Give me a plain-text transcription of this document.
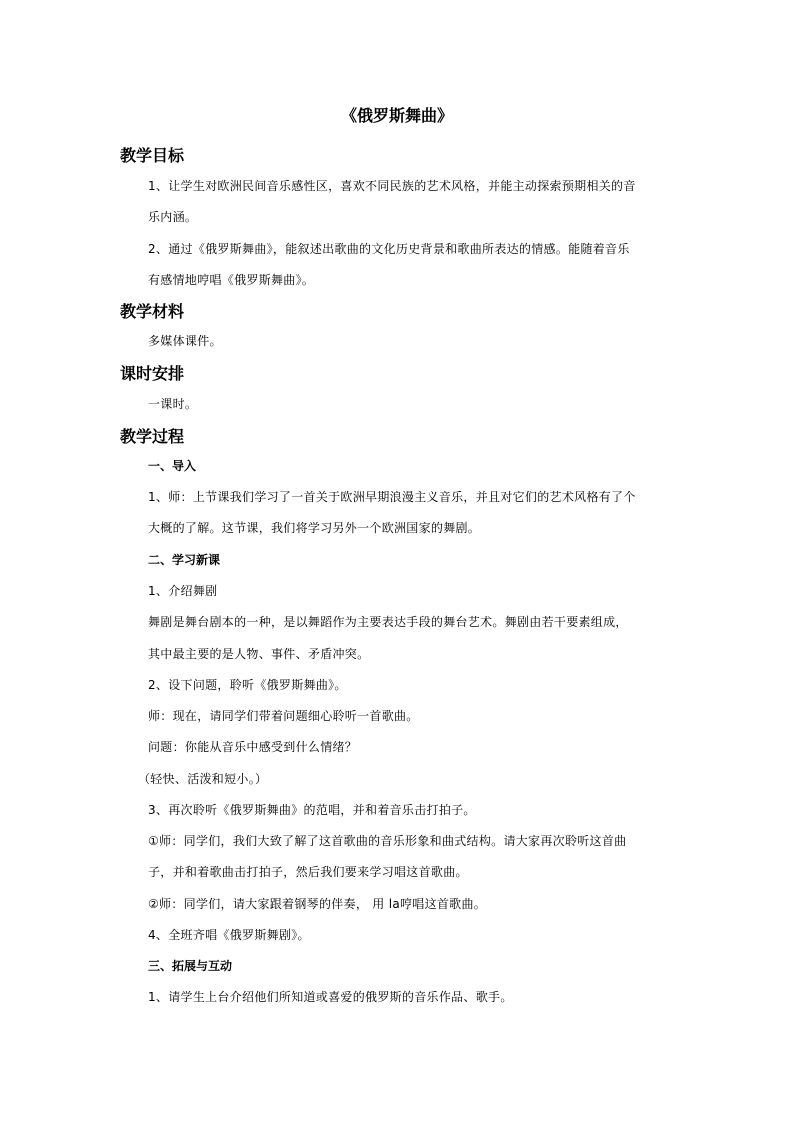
《俄罗斯舞曲》
教学目标
1、让学生对欧洲民间音乐感性区，喜欢不同民族的艺术风格，并能主动探索预期相关的音
乐内涵。
2、通过《俄罗斯舞曲》，能叙述出歌曲的文化历史背景和歌曲所表达的情感。能随着音乐
有感情地哼唱《俄罗斯舞曲》。
教学材料
多媒体课件。
课时安排
一课时。
教学过程
一、导入
1、师：上节课我们学习了一首关于欧洲早期浪漫主义音乐，并且对它们的艺术风格有了个
大概的了解。这节课，我们将学习另外一个欧洲国家的舞剧。
二、学习新课
1、介绍舞剧
舞剧是舞台剧本的一种，是以舞蹈作为主要表达手段的舞台艺术。舞剧由若干要素组成，
其中最主要的是人物、事件、矛盾冲突。
2、设下问题，聆听《俄罗斯舞曲》。
师：现在，请同学们带着问题细心聆听一首歌曲。
问题：你能从音乐中感受到什么情绪？
（轻快、活泼和短小。）
3、再次聆听《俄罗斯舞曲》的范唱，并和着音乐击打拍子。
①师：同学们，我们大致了解了这首歌曲的音乐形象和曲式结构。请大家再次聆听这首曲
子，并和着歌曲击打拍子，然后我们要来学习唱这首歌曲。
②师：同学们，请大家跟着钢琴的伴奏， 用 la哼唱这首歌曲。
4、全班齐唱《俄罗斯舞剧》。
三、拓展与互动
1、请学生上台介绍他们所知道或喜爱的俄罗斯的音乐作品、歌手。
